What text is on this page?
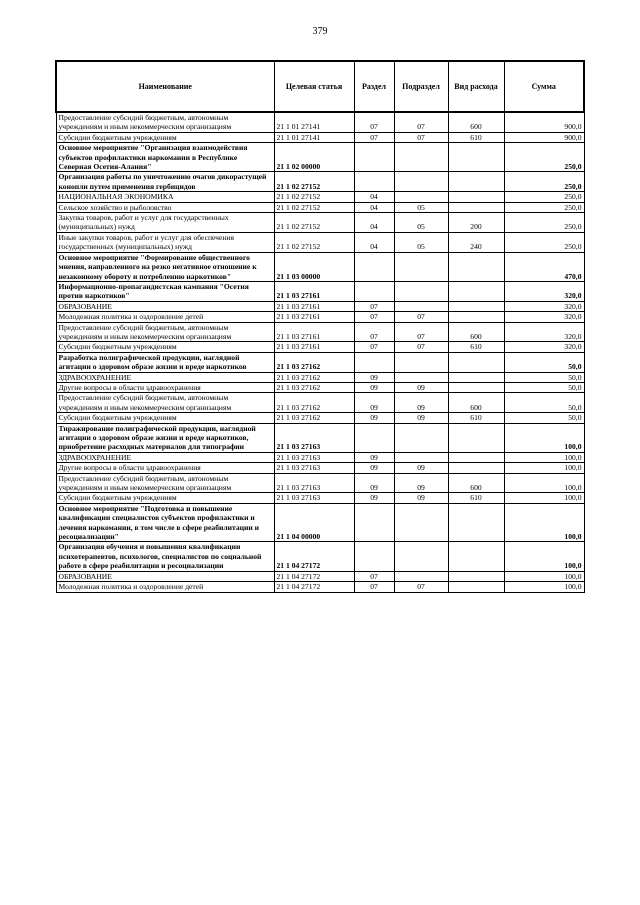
379
Наименование	Целевая статья	Раздел	Подраздел	Вид расхода	Сумма
Предоставление субсидий бюджетным, автономным учреждениям и иным некоммерческим организациям	21 1 01 27141	07	07	600	900,0
Субсидии бюджетным учреждениям	21 1 01 27141	07	07	610	900,0
Основное мероприятие "Организация взаимодействия субъектов профилактики наркомании в Республике Северная Осетия-Алания"	21 1 02 00000				250,0
Организация работы по уничтожению очагов дикорастущей конопли путем применения гербицидов	21 1 02 27152				250,0
НАЦИОНАЛЬНАЯ ЭКОНОМИКА	21 1 02 27152	04			250,0
Сельское хозяйство и рыболовство	21 1 02 27152	04	05		250,0
Закупка товаров, работ и услуг для государственных (муниципальных) нужд	21 1 02 27152	04	05	200	250,0
Иные закупки товаров, работ и услуг для обеспечения государственных (муниципальных) нужд	21 1 02 27152	04	05	240	250,0
Основное мероприятие "Формирование общественного мнения, направленного на резко негативное отношение к незаконному обороту и потреблению наркотиков"	21 1 03 00000				470,0
Информационно-пропагандистская кампания "Осетия против наркотиков"	21 1 03 27161				320,0
ОБРАЗОВАНИЕ	21 1 03 27161	07			320,0
Молодежная политика и оздоровление детей	21 1 03 27161	07	07		320,0
Предоставление субсидий бюджетным, автономным учреждениям и иным некоммерческим организациям	21 1 03 27161	07	07	600	320,0
Субсидии бюджетным учреждениям	21 1 03 27161	07	07	610	320,0
Разработка полиграфической продукции, наглядной агитации о здоровом образе жизни и вреде наркотиков	21 1 03 27162				50,0
ЗДРАВООХРАНЕНИЕ	21 1 03 27162	09			50,0
Другие вопросы в области здравоохранения	21 1 03 27162	09	09		50,0
Предоставление субсидий бюджетным, автономным учреждениям и иным некоммерческим организациям	21 1 03 27162	09	09	600	50,0
Субсидии бюджетным учреждениям	21 1 03 27162	09	09	610	50,0
Тиражирование полиграфической продукции, наглядной агитации о здоровом образе жизни и вреде наркотиков, приобретение расходных материалов для типографии	21 1 03 27163				100,0
ЗДРАВООХРАНЕНИЕ	21 1 03 27163	09			100,0
Другие вопросы в области здравоохранения	21 1 03 27163	09	09		100,0
Предоставление субсидий бюджетным, автономным учреждениям и иным некоммерческим организациям	21 1 03 27163	09	09	600	100,0
Субсидии бюджетным учреждениям	21 1 03 27163	09	09	610	100,0
Основное мероприятие "Подготовка и повышение квалификации специалистов субъектов профилактики и лечения наркомании, в том числе в сфере реабилитации и ресоциализации"	21 1 04 00000				100,0
Организация обучения и повышения квалификации психотерапевтов, психологов, специалистов по социальной работе в сфере реабилитации и ресоциализации	21 1 04 27172				100,0
ОБРАЗОВАНИЕ	21 1 04 27172	07			100,0
Молодежная политика и оздоровление детей	21 1 04 27172	07	07		100,0
